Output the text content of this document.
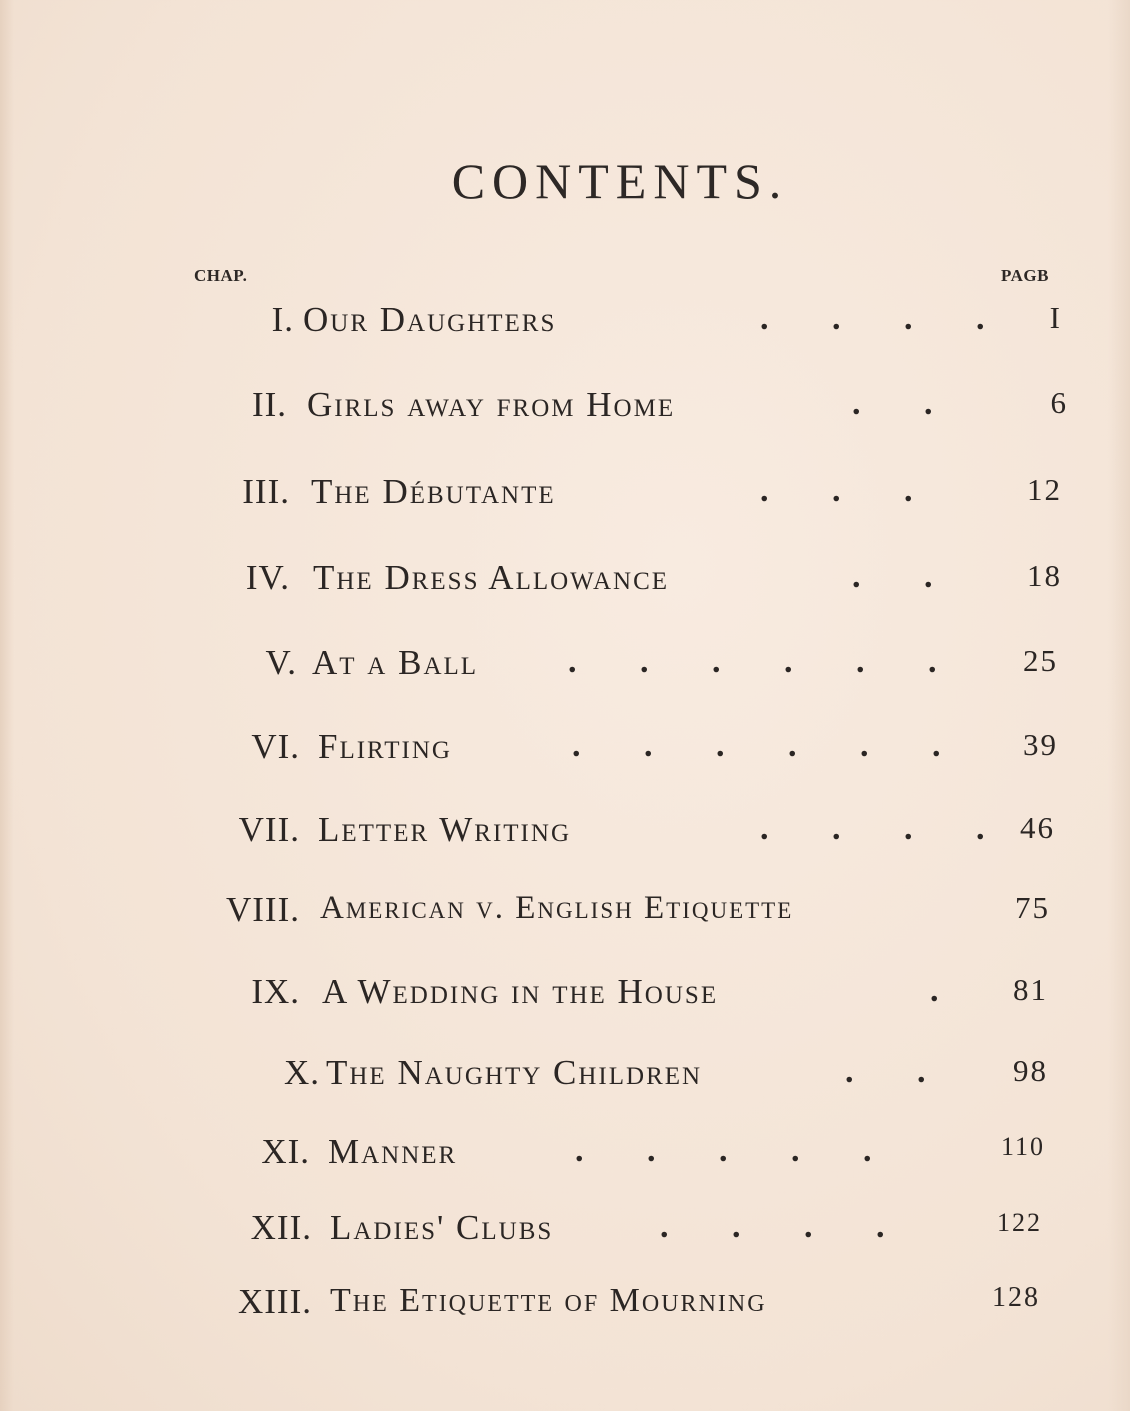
CONTENTS.
CHAP.	PAGB
I. Our Daughters	. . . . I
II. Girls away from Home	. .	6
III. The Débutante	. . .	12
IV. The Dress Allowance	. .	18
V. At a Ball	. . . . . .	25
VI. Flirting	. . . . . .	39
VII. Letter Writing	. . . . 46
VIII. American v. English Etiquette	75
IX. A Wedding in the House	. 81
X. The Naughty Children	. .	98
XI. Manner	. . . . .	110
XII. Ladies' Clubs	. . . .	122
XIII. The Etiquette of Mourning	128
